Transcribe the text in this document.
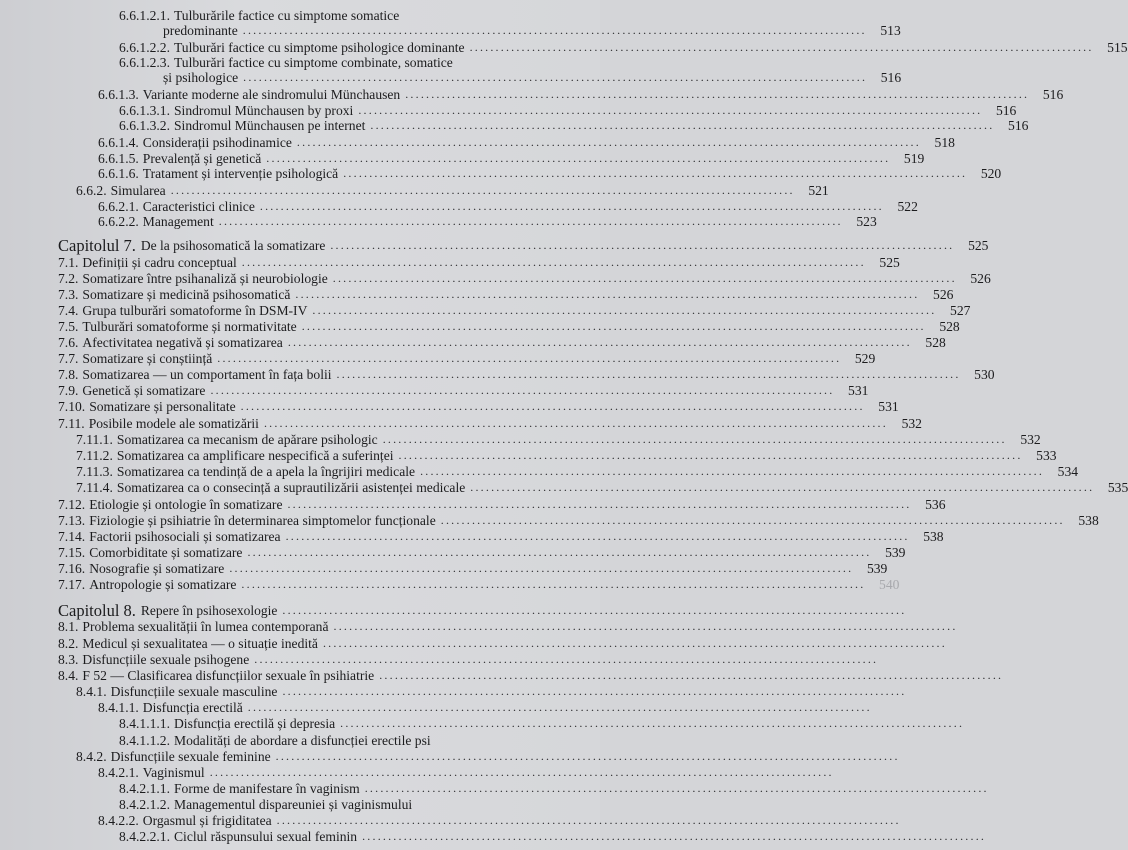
6.6.1.2.1. Tulburările factice cu simptome somatice
predominante ........................................................................................................................	513
6.6.1.2.2. Tulburări factice cu simptome psihologice dominante ........................................................................................................................	515
6.6.1.2.3. Tulburări factice cu simptome combinate, somatice
și psihologice ........................................................................................................................	516
6.6.1.3. Variante moderne ale sindromului Münchausen ........................................................................................................................	516
6.6.1.3.1. Sindromul Münchausen by proxi ........................................................................................................................	516
6.6.1.3.2. Sindromul Münchausen pe internet ........................................................................................................................	516
6.6.1.4. Considerații psihodinamice ........................................................................................................................	518
6.6.1.5. Prevalență și genetică ........................................................................................................................	519
6.6.1.6. Tratament și intervenție psihologică ........................................................................................................................	520
6.6.2. Simularea ........................................................................................................................	521
6.6.2.1. Caracteristici clinice ........................................................................................................................	522
6.6.2.2. Management ........................................................................................................................	523
Capitolul 7. De la psihosomatică la somatizare ........................................................................................................................	525
7.1. Definiții și cadru conceptual ........................................................................................................................	525
7.2. Somatizare între psihanaliză și neurobiologie ........................................................................................................................	526
7.3. Somatizare și medicină psihosomatică ........................................................................................................................	526
7.4. Grupa tulburări somatoforme în DSM-IV ........................................................................................................................	527
7.5. Tulburări somatoforme și normativitate ........................................................................................................................	528
7.6. Afectivitatea negativă și somatizarea ........................................................................................................................	528
7.7. Somatizare și conștiință ........................................................................................................................	529
7.8. Somatizarea — un comportament în fața bolii ........................................................................................................................	530
7.9. Genetică și somatizare ........................................................................................................................	531
7.10. Somatizare și personalitate ........................................................................................................................	531
7.11. Posibile modele ale somatizării ........................................................................................................................	532
7.11.1. Somatizarea ca mecanism de apărare psihologic ........................................................................................................................	532
7.11.2. Somatizarea ca amplificare nespecifică a suferinței ........................................................................................................................	533
7.11.3. Somatizarea ca tendință de a apela la îngrijiri medicale ........................................................................................................................	534
7.11.4. Somatizarea ca o consecință a supraut‌ilizării asistenței medicale ........................................................................................................................	535
7.12. Etiologie și ontologie în somatizare ........................................................................................................................	536
7.13. Fiziologie și psihiatrie în determinarea simptomelor funcționale ........................................................................................................................	538
7.14. Factorii psihosociali și somatizarea ........................................................................................................................	538
7.15. Comorbiditate și somatizare ........................................................................................................................	539
7.16. Nosografie și somatizare ........................................................................................................................	539
7.17. Antropologie și somatizare ........................................................................................................................	540
Capitolul 8. Repere în psihosexologie ........................................................................................................................
8.1. Problema sexualității în lumea contemporană ........................................................................................................................
8.2. Medicul și sexualitatea — o situație inedită ........................................................................................................................
8.3. Disfuncțiile sexuale psihogene ........................................................................................................................
8.4. F 52 — Clasificarea disfuncțiilor sexuale în psihiatrie ........................................................................................................................
8.4.1. Disfuncțiile sexuale masculine ........................................................................................................................
8.4.1.1. Disfuncția erectilă ........................................................................................................................
8.4.1.1.1. Disfuncția erectilă și depresia ........................................................................................................................
8.4.1.1.2. Modalități de abordare a disfuncției erectile psi
8.4.2. Disfuncțiile sexuale feminine ........................................................................................................................
8.4.2.1. Vaginismul ........................................................................................................................
8.4.2.1.1. Forme de manifestare în vaginism ........................................................................................................................
8.4.2.1.2. Managementul dispareuniei și vaginismului
8.4.2.2. Orgasmul și frigiditatea ........................................................................................................................
8.4.2.2.1. Ciclul răspunsului sexual feminin ........................................................................................................................
